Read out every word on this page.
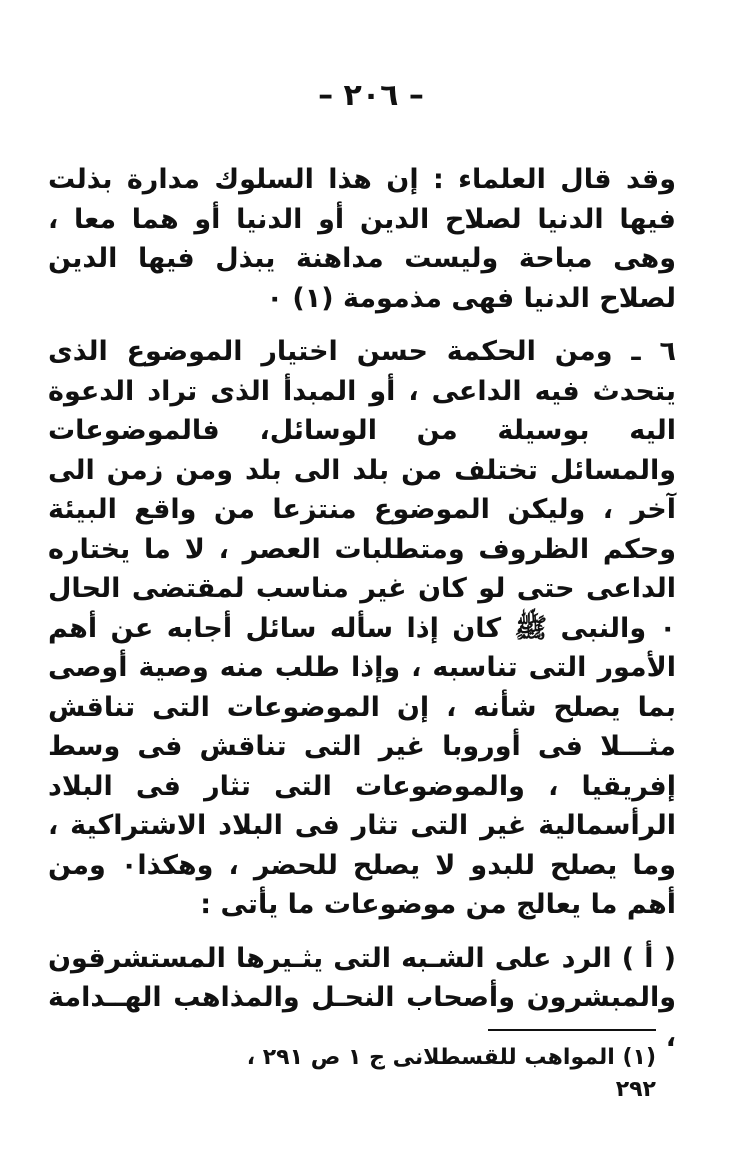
– ٢٠٦ –

وقد قال العلماء : إن هذا السلوك مدارة بذلت فيها الدنيا لصلاح الدين أو الدنيا أو هما معا ، وهى مباحة وليست مداهنة يبذل فيها الدين لصلاح الدنيا فهى مذمومة (١) ٠

٦ ـ ومن الحكمة حسن اختيار الموضوع الذى يتحدث فيه الداعى ، أو المبدأ الذى تراد الدعوة اليه بوسيلة من الوسائل، فالموضوعات والمسائل تختلف من بلد الى بلد ومن زمن الى آخر ، وليكن الموضوع منتزعا من واقع البيئة وحكم الظروف ومتطلبات العصر ، لا ما يختاره الداعى حتى لو كان غير مناسب لمقتضى الحال ٠ والنبى ﷺ كان إذا سأله سائل أجابه عن أهم الأمور التى تناسبه ، وإذا طلب منه وصية أوصى بما يصلح شأنه ، إن الموضوعات التى تناقش مثـــلا فى أوروبا غير التى تناقش فى وسط إفريقيا ، والموضوعات التى تثار فى البلاد الرأسمالية غير التى تثار فى البلاد الاشتراكية ، وما يصلح للبدو لا يصلح للحضر ، وهكذا٠ ومن أهم ما يعالج من موضوعات ما يأتى :

( أ ) الرد على الشـبه التى يثـيرها المستشرقون والمبشرون وأصحاب النحـل والمذاهب الهــدامة ،

(١) المواهب للقسطلانى ج ١ ص ٢٩١ ، ٢٩٢
